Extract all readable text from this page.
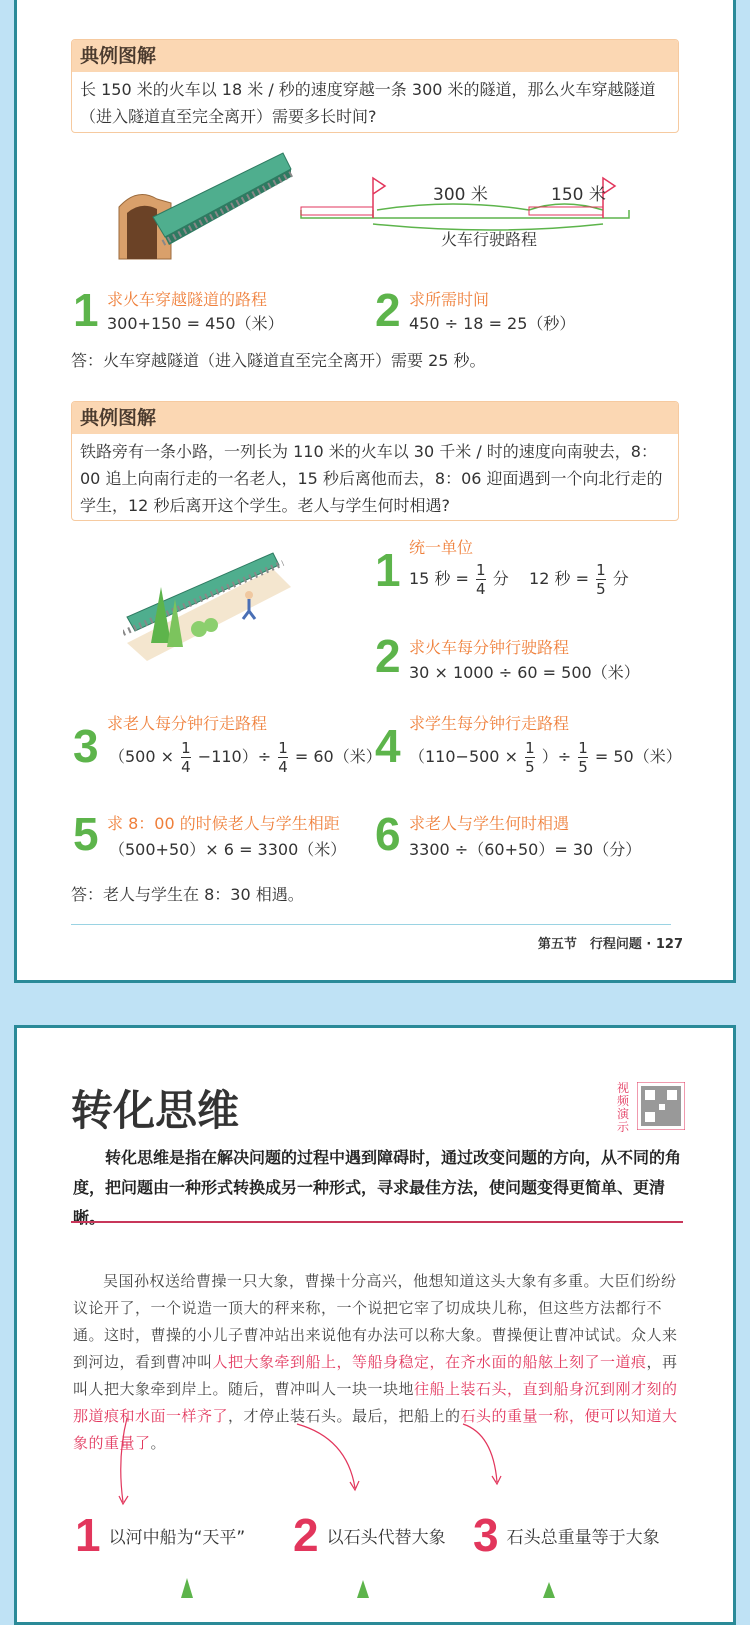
典例图解
长 150 米的火车以 18 米 / 秒的速度穿越一条 300 米的隧道，那么火车穿越隧道（进入隧道直至完全离开）需要多长时间?
300 米	150 米
火车行驶路程
1 求火车穿越隧道的路程
300+150 = 450（米） 2 求所需时间
450 ÷ 18 = 25（秒）
答：火车穿越隧道（进入隧道直至完全离开）需要 25 秒。
典例图解
铁路旁有一条小路，一列长为 110 米的火车以 30 千米 / 时的速度向南驶去，8：00 追上向南行走的一名老人，15 秒后离他而去，8：06 迎面遇到一个向北行走的学生，12 秒后离开这个学生。老人与学生何时相遇?
1 统一单位
15 秒 = $\frac{1}{4}$ 分 12 秒 = $\frac{1}{5}$ 分
2 求火车每分钟行驶路程
30 × 1000 ÷ 60 = 500（米）
3 求老人每分钟行走路程
$(500 \times \frac{1}{4} -110)\div \frac{1}{4} = 60$（米）
4 求学生每分钟行走路程
（$110-500 \times \frac{1}{5}$ ）÷ $\frac{1}{5} = 50$（米）
5 求 8：00 的时候老人与学生相距
（500+50）× 6 = 3300（米） 6 求老人与学生何时相遇
3300 ÷（60+50）= 30（分）
答：老人与学生在 8：30 相遇。
第五节　行程问题 · 127
转化思维
视频演示
转化思维是指在解决问题的过程中遇到障碍时，通过改变问题的方向，从不同的角度，把问题由一种形式转换成另一种形式，寻求最佳方法，使问题变得更简单、更清晰。
吴国孙权送给曹操一只大象，曹操十分高兴，他想知道这头大象有多重。大臣们纷纷议论开了，一个说造一顶大的秤来称，一个说把它宰了切成块儿称，但这些方法都行不通。这时，曹操的小儿子曹冲站出来说他有办法可以称大象。曹操便让曹冲试试。众人来到河边，看到曹冲叫人把大象牵到船上，等船身稳定，在齐水面的船舷上刻了一道痕，再叫人把大象牵到岸上。随后，曹冲叫人一块一块地往船上装石头，直到船身沉到刚才刻的那道痕和水面一样齐了，才停止装石头。最后，把船上的石头的重量一称，便可以知道大象的重量了。
1 以河中船为“天平” 2 以石头代替大象 3 石头总重量等于大象
